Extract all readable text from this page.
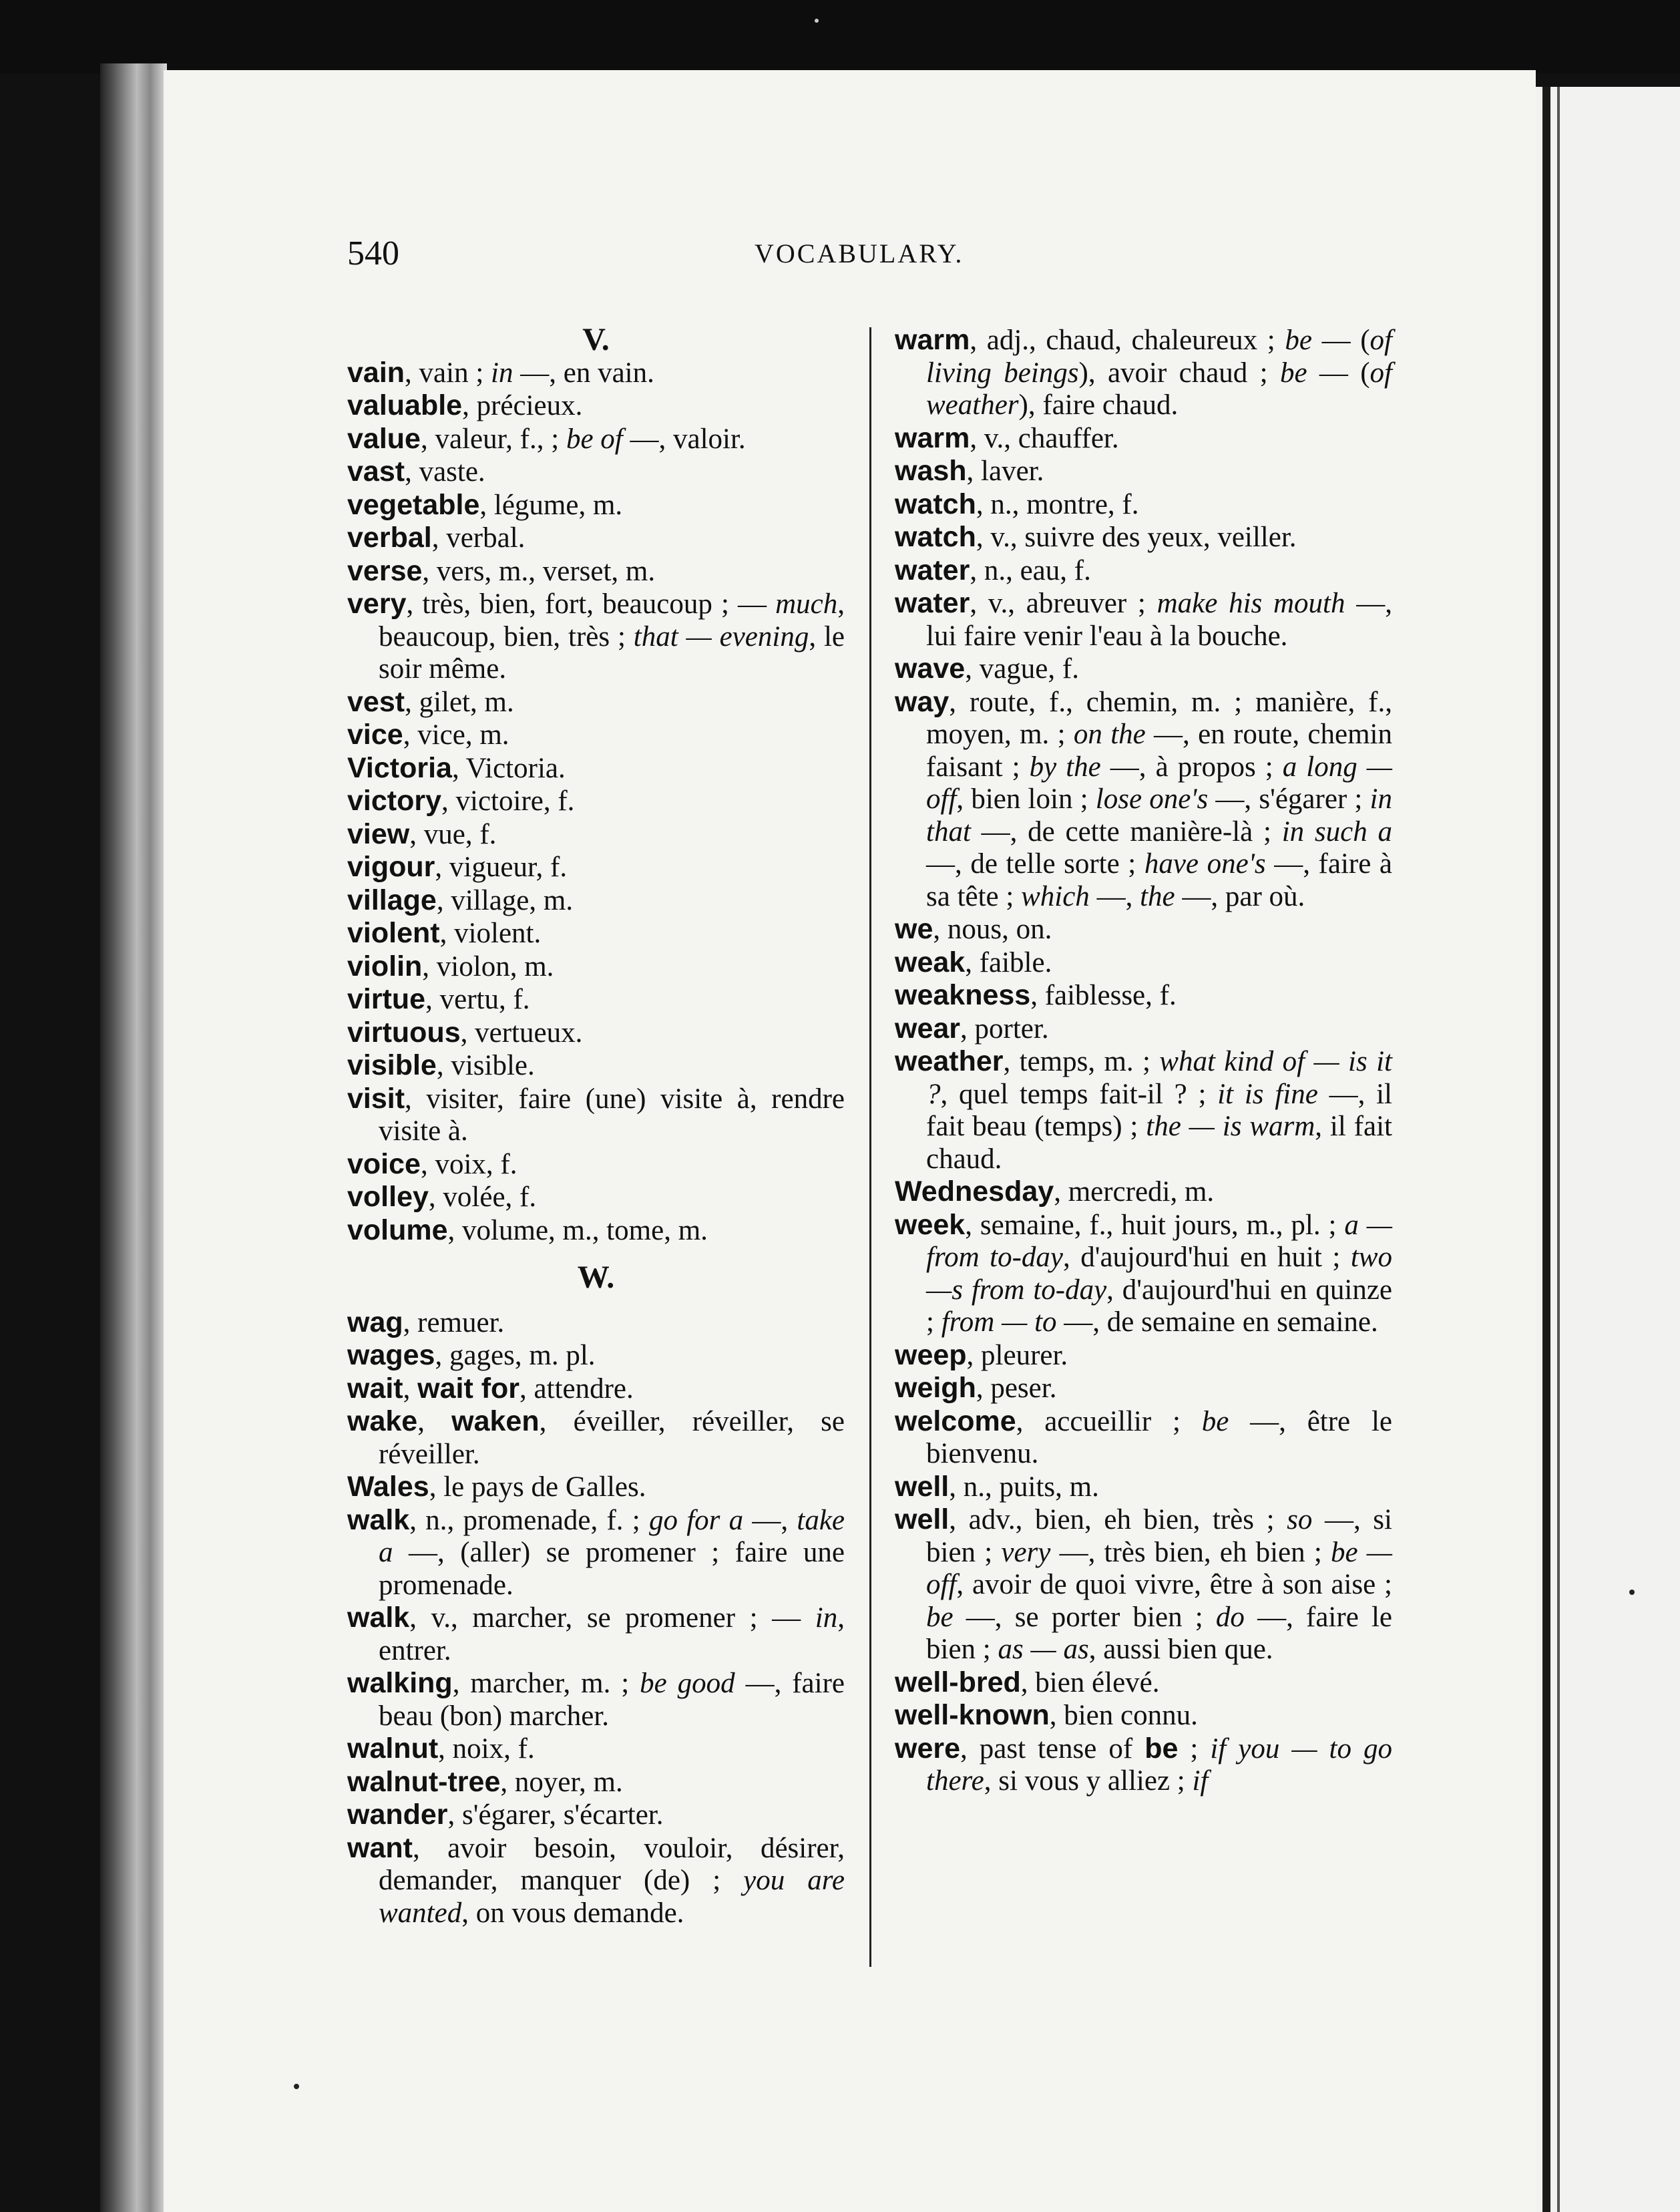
540	VOCABULARY.
V.
vain, vain ; in —, en vain.
valuable, précieux.
value, valeur, f., ; be of —, valoir.
vast, vaste.
vegetable, légume, m.
verbal, verbal.
verse, vers, m., verset, m.
very, très, bien, fort, beaucoup ; — much, beaucoup, bien, très ; that — evening, le soir même.
vest, gilet, m.
vice, vice, m.
Victoria, Victoria.
victory, victoire, f.
view, vue, f.
vigour, vigueur, f.
village, village, m.
violent, violent.
violin, violon, m.
virtue, vertu, f.
virtuous, vertueux.
visible, visible.
visit, visiter, faire (une) visite à, rendre visite à.
voice, voix, f.
volley, volée, f.
volume, volume, m., tome, m.
W.
wag, remuer.
wages, gages, m. pl.
wait, wait for, attendre.
wake, waken, éveiller, réveiller, se réveiller.
Wales, le pays de Galles.
walk, n., promenade, f. ; go for a —, take a —, (aller) se promener ; faire une promenade.
walk, v., marcher, se promener ; — in, entrer.
walking, marcher, m. ; be good —, faire beau (bon) marcher.
walnut, noix, f.
walnut-tree, noyer, m.
wander, s'égarer, s'écarter.
want, avoir besoin, vouloir, désirer, demander, manquer (de) ; you are wanted, on vous demande.
warm, adj., chaud, chaleureux ; be — (of living beings), avoir chaud ; be — (of weather), faire chaud.
warm, v., chauffer.
wash, laver.
watch, n., montre, f.
watch, v., suivre des yeux, veiller.
water, n., eau, f.
water, v., abreuver ; make his mouth —, lui faire venir l'eau à la bouche.
wave, vague, f.
way, route, f., chemin, m. ; manière, f., moyen, m. ; on the —, en route, chemin faisant ; by the —, à propos ; a long — off, bien loin ; lose one's —, s'égarer ; in that —, de cette manière-là ; in such a —, de telle sorte ; have one's —, faire à sa tête ; which —, the —, par où.
we, nous, on.
weak, faible.
weakness, faiblesse, f.
wear, porter.
weather, temps, m. ; what kind of — is it ?, quel temps fait-il ? ; it is fine —, il fait beau (temps) ; the — is warm, il fait chaud.
Wednesday, mercredi, m.
week, semaine, f., huit jours, m., pl. ; a — from to-day, d'aujourd'hui en huit ; two—s from to-day, d'aujourd'hui en quinze ; from — to —, de semaine en semaine.
weep, pleurer.
weigh, peser.
welcome, accueillir ; be —, être le bienvenu.
well, n., puits, m.
well, adv., bien, eh bien, très ; so —, si bien ; very —, très bien, eh bien ; be — off, avoir de quoi vivre, être à son aise ; be —, se porter bien ; do —, faire le bien ; as — as, aussi bien que.
well-bred, bien élevé.
well-known, bien connu.
were, past tense of be ; if you — to go there, si vous y alliez ; if
